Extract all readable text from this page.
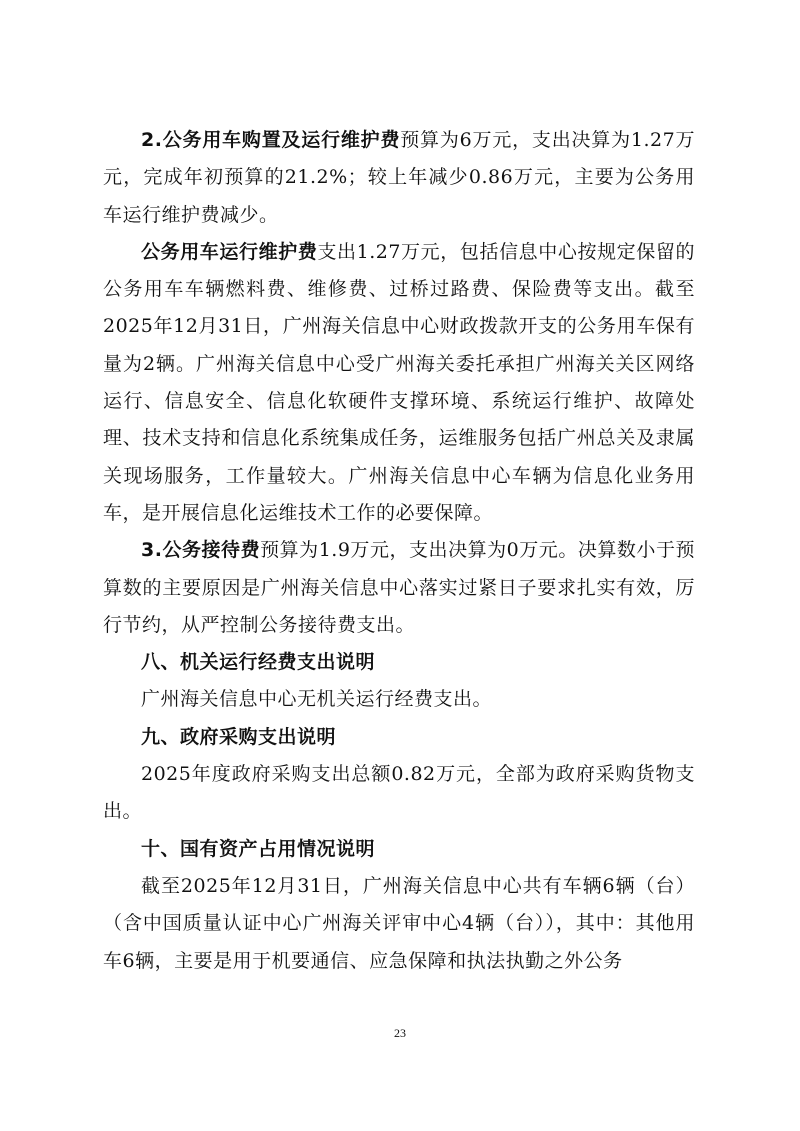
2.公务用车购置及运行维护费预算为6万元，支出决算为1.27万元，完成年初预算的21.2%；较上年减少0.86万元，主要为公务用车运行维护费减少。

公务用车运行维护费支出1.27万元，包括信息中心按规定保留的公务用车车辆燃料费、维修费、过桥过路费、保险费等支出。截至2025年12月31日，广州海关信息中心财政拨款开支的公务用车保有量为2辆。广州海关信息中心受广州海关委托承担广州海关关区网络运行、信息安全、信息化软硬件支撑环境、系统运行维护、故障处理、技术支持和信息化系统集成任务，运维服务包括广州总关及隶属关现场服务，工作量较大。广州海关信息中心车辆为信息化业务用车，是开展信息化运维技术工作的必要保障。

3.公务接待费预算为1.9万元，支出决算为0万元。决算数小于预算数的主要原因是广州海关信息中心落实过紧日子要求扎实有效，厉行节约，从严控制公务接待费支出。

八、机关运行经费支出说明

广州海关信息中心无机关运行经费支出。

九、政府采购支出说明

2025年度政府采购支出总额0.82万元，全部为政府采购货物支出。

十、国有资产占用情况说明

截至2025年12月31日，广州海关信息中心共有车辆6辆（台）（含中国质量认证中心广州海关评审中心4辆（台）），其中：其他用车6辆，主要是用于机要通信、应急保障和执法执勤之外公务

23
